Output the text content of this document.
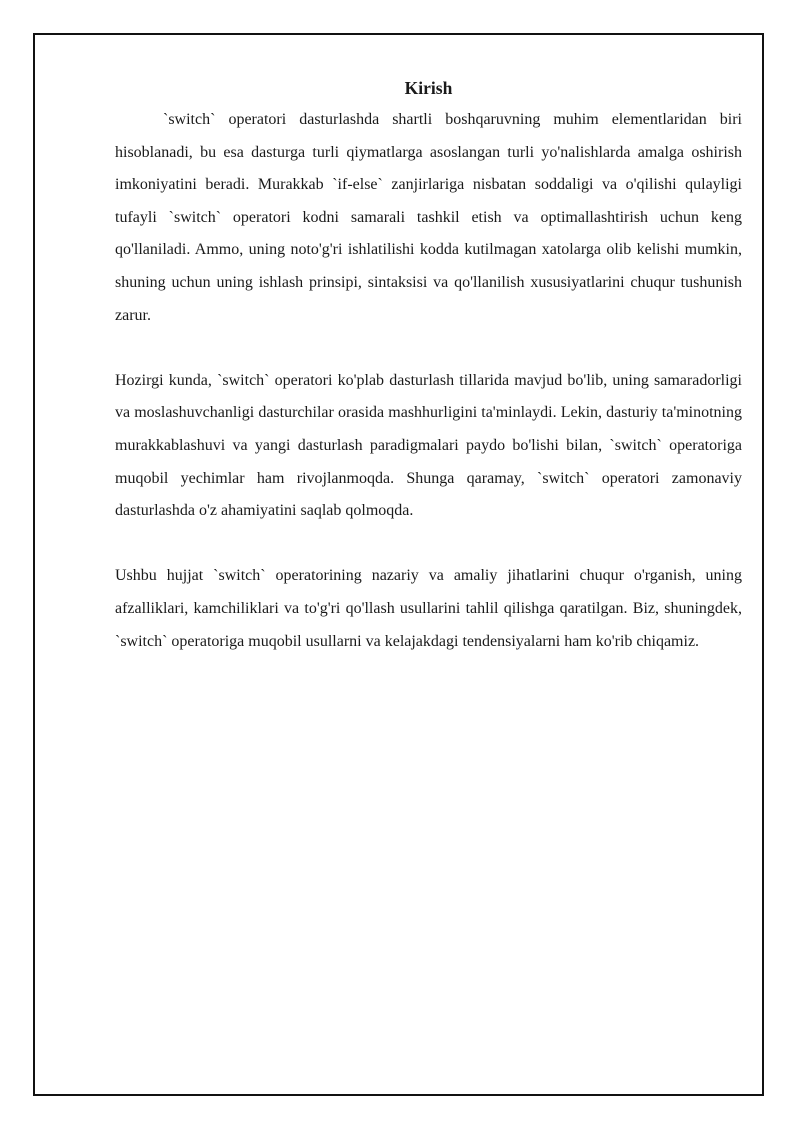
Kirish

`switch` operatori dasturlashda shartli boshqaruvning muhim elementlaridan biri hisoblanadi, bu esa dasturga turli qiymatlarga asoslangan turli yo'nalishlarda amalga oshirish imkoniyatini beradi. Murakkab `if-else` zanjirlariga nisbatan soddaligi va o'qilishi qulayligi tufayli `switch` operatori kodni samarali tashkil etish va optimallashtirish uchun keng qo'llaniladi. Ammo, uning noto'g'ri ishlatilishi kodda kutilmagan xatolarga olib kelishi mumkin, shuning uchun uning ishlash prinsipi, sintaksisi va qo'llanilish xususiyatlarini chuqur tushunish zarur.

Hozirgi kunda, `switch` operatori ko'plab dasturlash tillarida mavjud bo'lib, uning samaradorligi va moslashuvchanligi dasturchilar orasida mashhurligini ta'minlaydi. Lekin, dasturiy ta'minotning murakkablashuvi va yangi dasturlash paradigmalari paydo bo'lishi bilan, `switch` operatoriga muqobil yechimlar ham rivojlanmoqda. Shunga qaramay, `switch` operatori zamonaviy dasturlashda o'z ahamiyatini saqlab qolmoqda.

Ushbu hujjat `switch` operatorining nazariy va amaliy jihatlarini chuqur o'rganish, uning afzalliklari, kamchiliklari va to'g'ri qo'llash usullarini tahlil qilishga qaratilgan. Biz, shuningdek, `switch` operatoriga muqobil usullarni va kelajakdagi tendensiyalarni ham ko'rib chiqamiz.
